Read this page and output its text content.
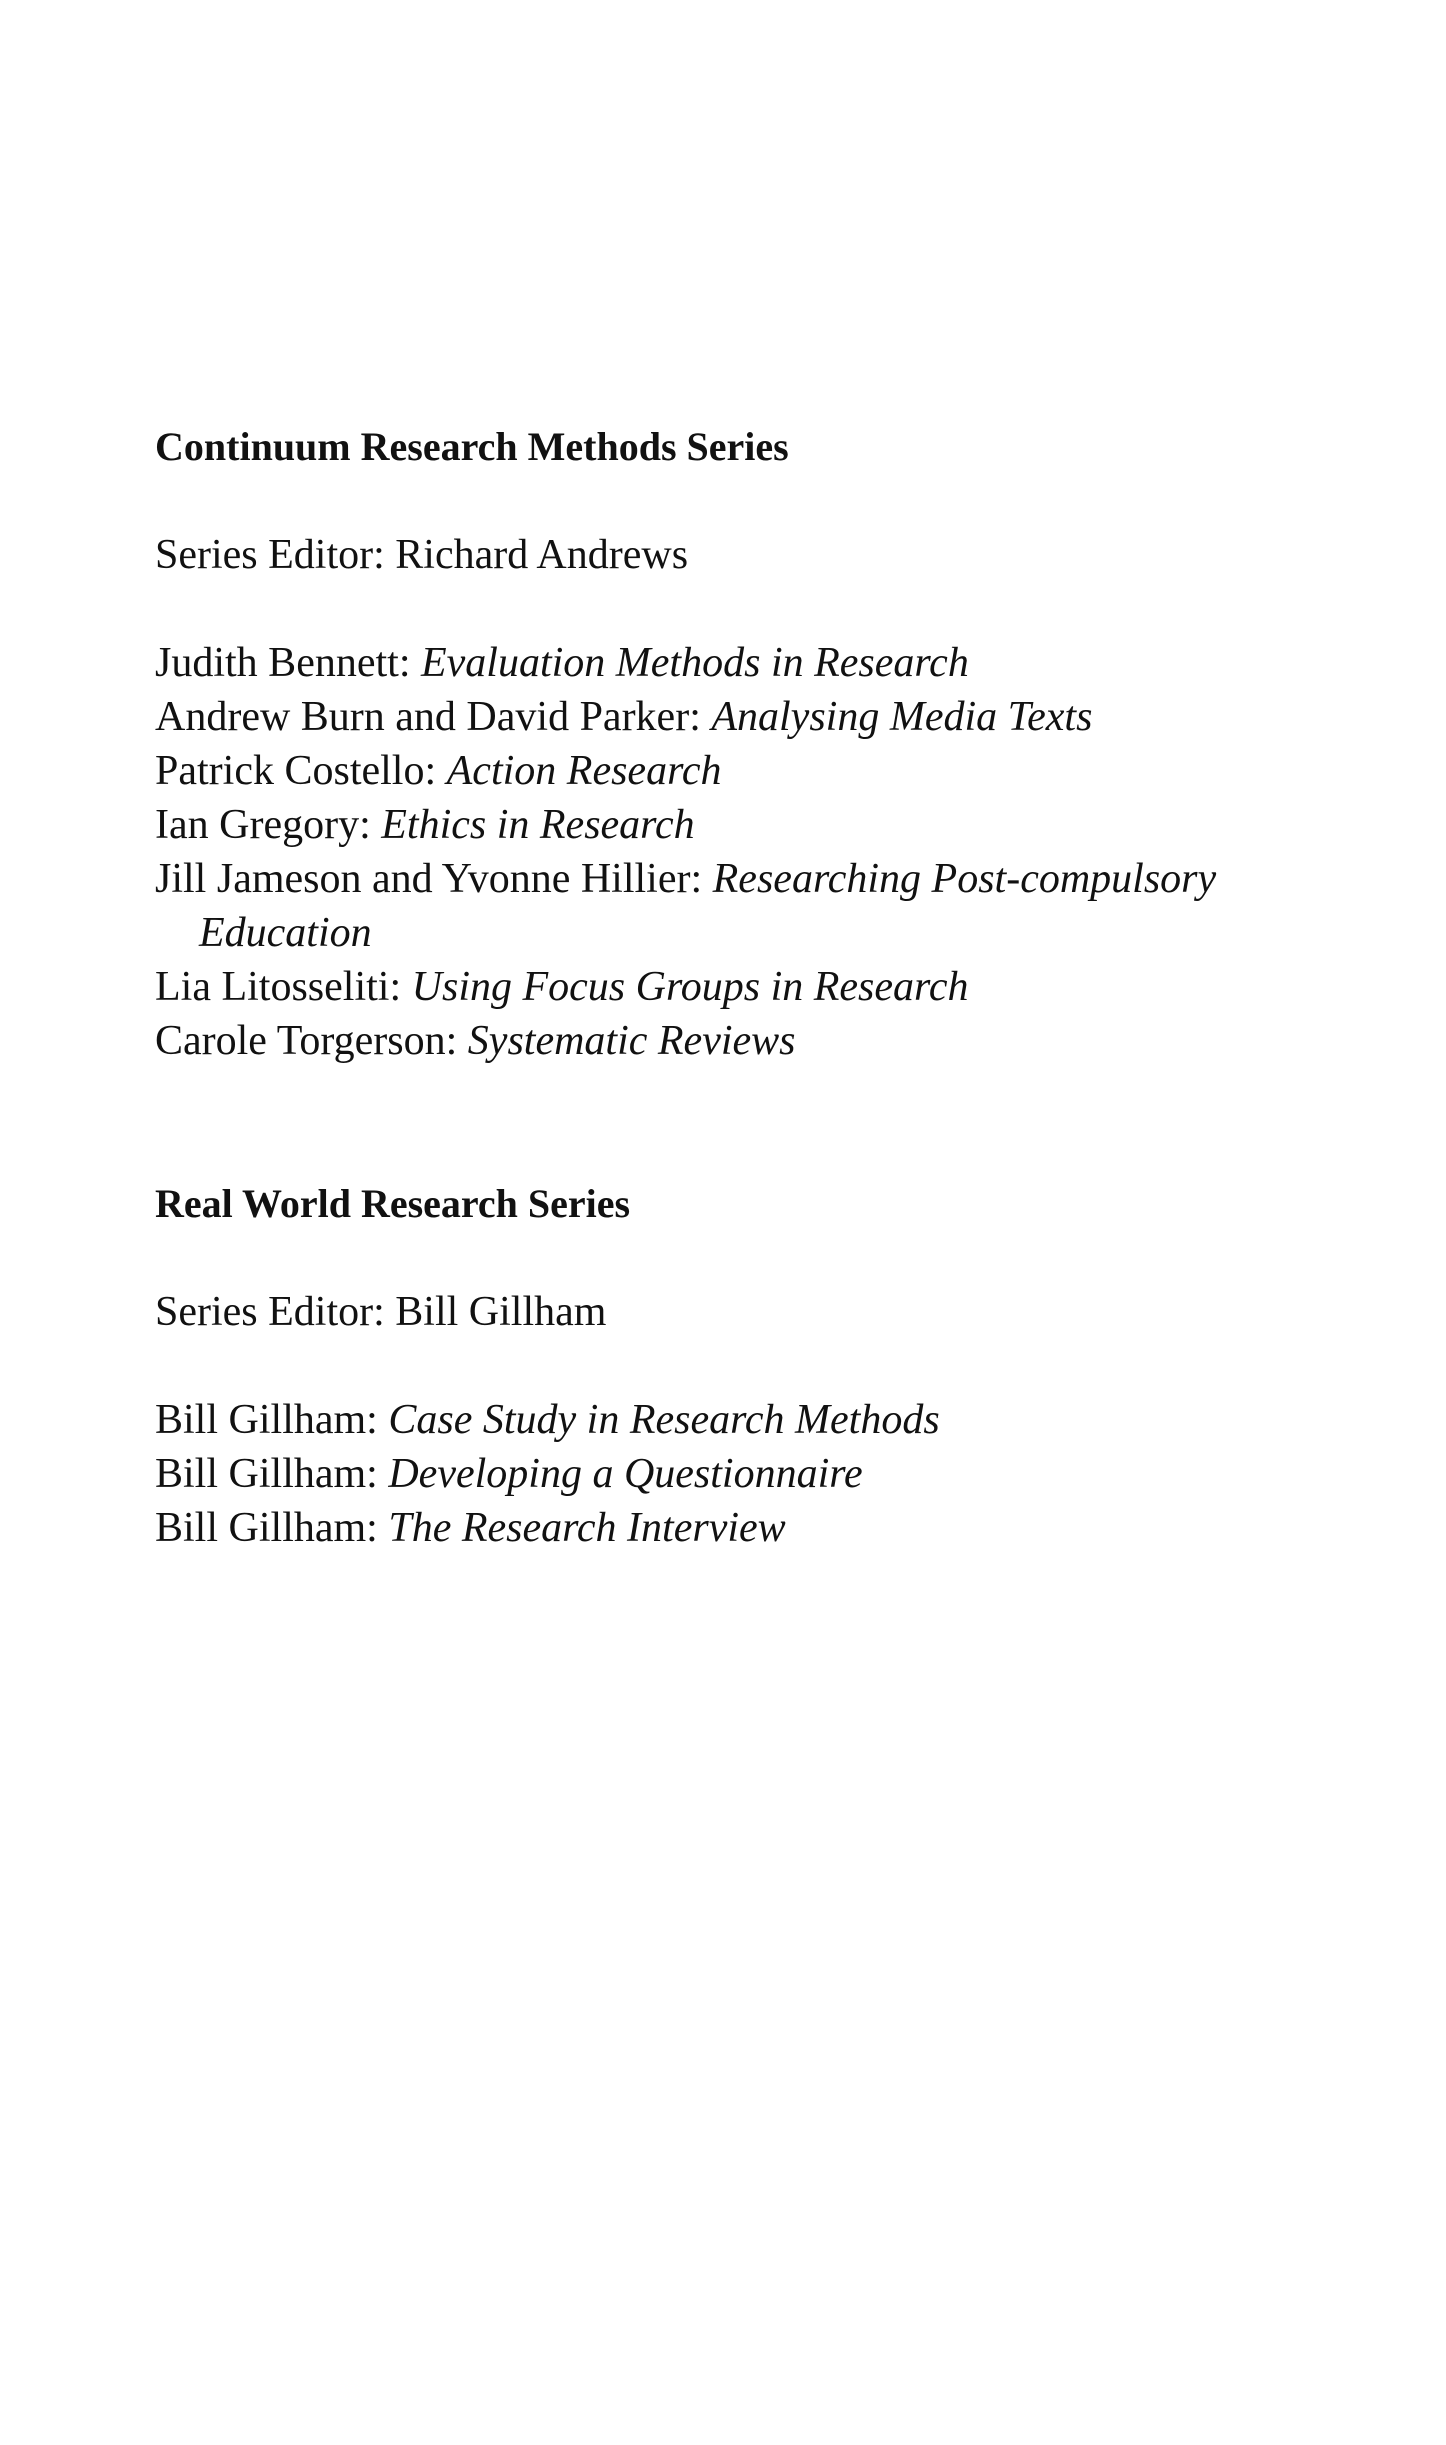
Continuum Research Methods Series

Series Editor: Richard Andrews

Judith Bennett: Evaluation Methods in Research
Andrew Burn and David Parker: Analysing Media Texts
Patrick Costello: Action Research
Ian Gregory: Ethics in Research
Jill Jameson and Yvonne Hillier: Researching Post-compulsory Education
Lia Litosseliti: Using Focus Groups in Research
Carole Torgerson: Systematic Reviews
Real World Research Series

Series Editor: Bill Gillham

Bill Gillham: Case Study in Research Methods
Bill Gillham: Developing a Questionnaire
Bill Gillham: The Research Interview
